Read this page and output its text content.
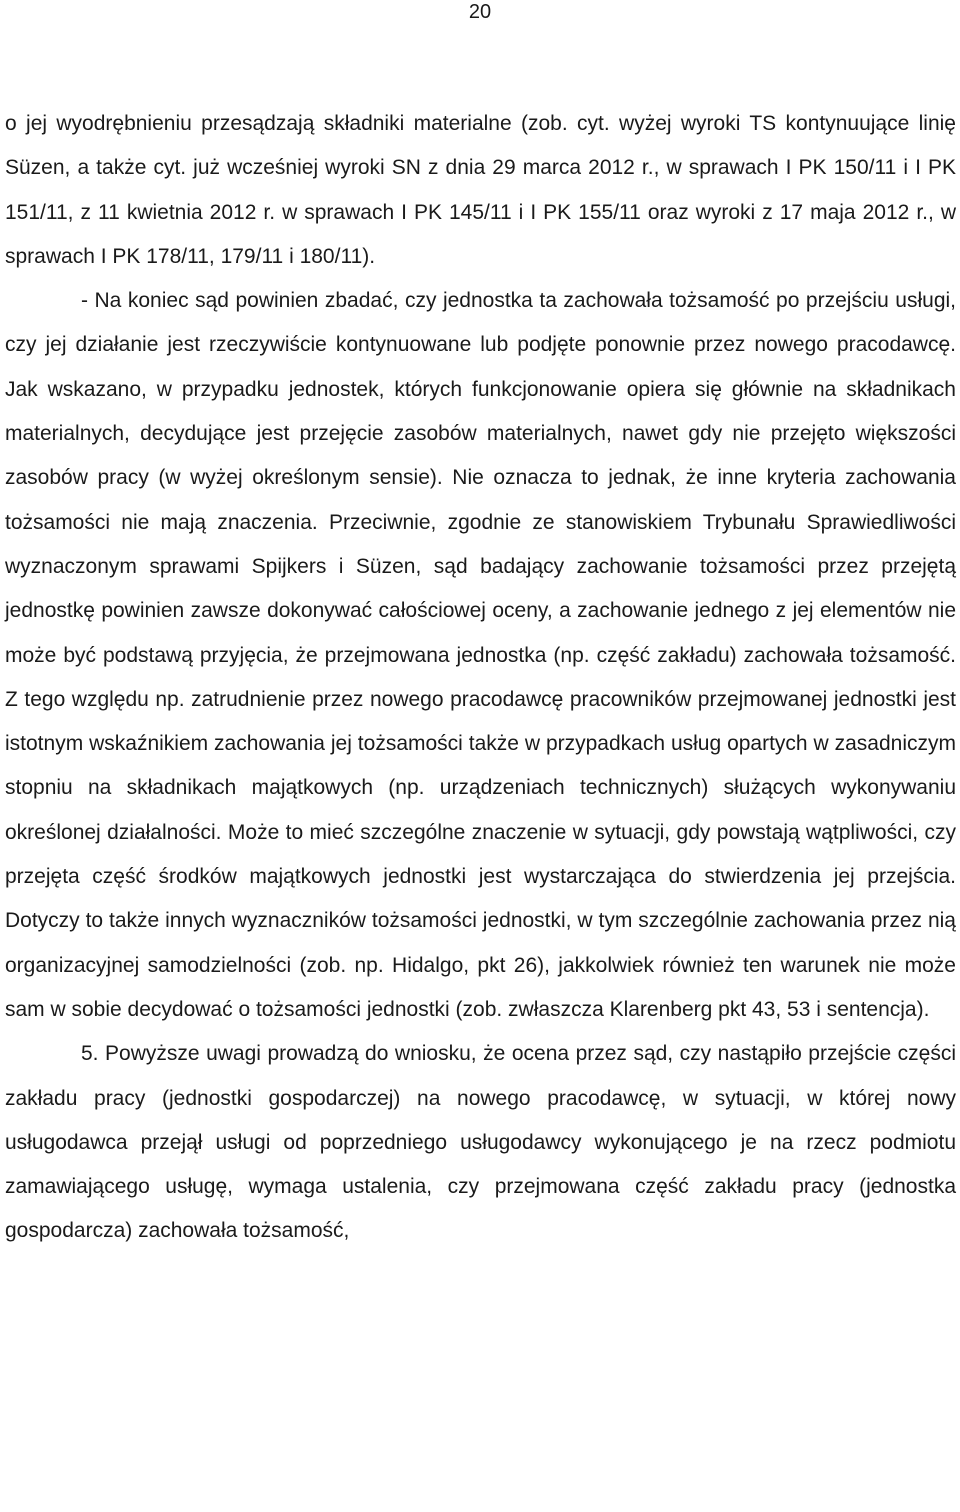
20

o jej wyodrębnieniu przesądzają składniki materialne (zob. cyt. wyżej wyroki TS kontynuujące linię Süzen, a także cyt. już wcześniej wyroki SN z dnia 29 marca 2012 r., w sprawach I PK 150/11 i I PK 151/11, z 11 kwietnia 2012 r. w sprawach I PK 145/11 i I PK 155/11 oraz wyroki z 17 maja 2012 r., w sprawach I PK 178/11, 179/11 i 180/11).

- Na koniec sąd powinien zbadać, czy jednostka ta zachowała tożsamość po przejściu usługi, czy jej działanie jest rzeczywiście kontynuowane lub podjęte ponownie przez nowego pracodawcę. Jak wskazano, w przypadku jednostek, których funkcjonowanie opiera się głównie na składnikach materialnych, decydujące jest przejęcie zasobów materialnych, nawet gdy nie przejęto większości zasobów pracy (w wyżej określonym sensie). Nie oznacza to jednak, że inne kryteria zachowania tożsamości nie mają znaczenia. Przeciwnie, zgodnie ze stanowiskiem Trybunału Sprawiedliwości wyznaczonym sprawami Spijkers i Süzen, sąd badający zachowanie tożsamości przez przejętą jednostkę powinien zawsze dokonywać całościowej oceny, a zachowanie jednego z jej elementów nie może być podstawą przyjęcia, że przejmowana jednostka (np. część zakładu) zachowała tożsamość. Z tego względu np. zatrudnienie przez nowego pracodawcę pracowników przejmowanej jednostki jest istotnym wskaźnikiem zachowania jej tożsamości także w przypadkach usług opartych w zasadniczym stopniu na składnikach majątkowych (np. urządzeniach technicznych) służących wykonywaniu określonej działalności. Może to mieć szczególne znaczenie w sytuacji, gdy powstają wątpliwości, czy przejęta część środków majątkowych jednostki jest wystarczająca do stwierdzenia jej przejścia. Dotyczy to także innych wyznaczników tożsamości jednostki, w tym szczególnie zachowania przez nią organizacyjnej samodzielności (zob. np. Hidalgo, pkt 26), jakkolwiek również ten warunek nie może sam w sobie decydować o tożsamości jednostki (zob. zwłaszcza Klarenberg pkt 43, 53 i sentencja).

5. Powyższe uwagi prowadzą do wniosku, że ocena przez sąd, czy nastąpiło przejście części zakładu pracy (jednostki gospodarczej) na nowego pracodawcę, w sytuacji, w której nowy usługodawca przejął usługi od poprzedniego usługodawcy wykonującego je na rzecz podmiotu zamawiającego usługę, wymaga ustalenia, czy przejmowana część zakładu pracy (jednostka gospodarcza) zachowała tożsamość,
